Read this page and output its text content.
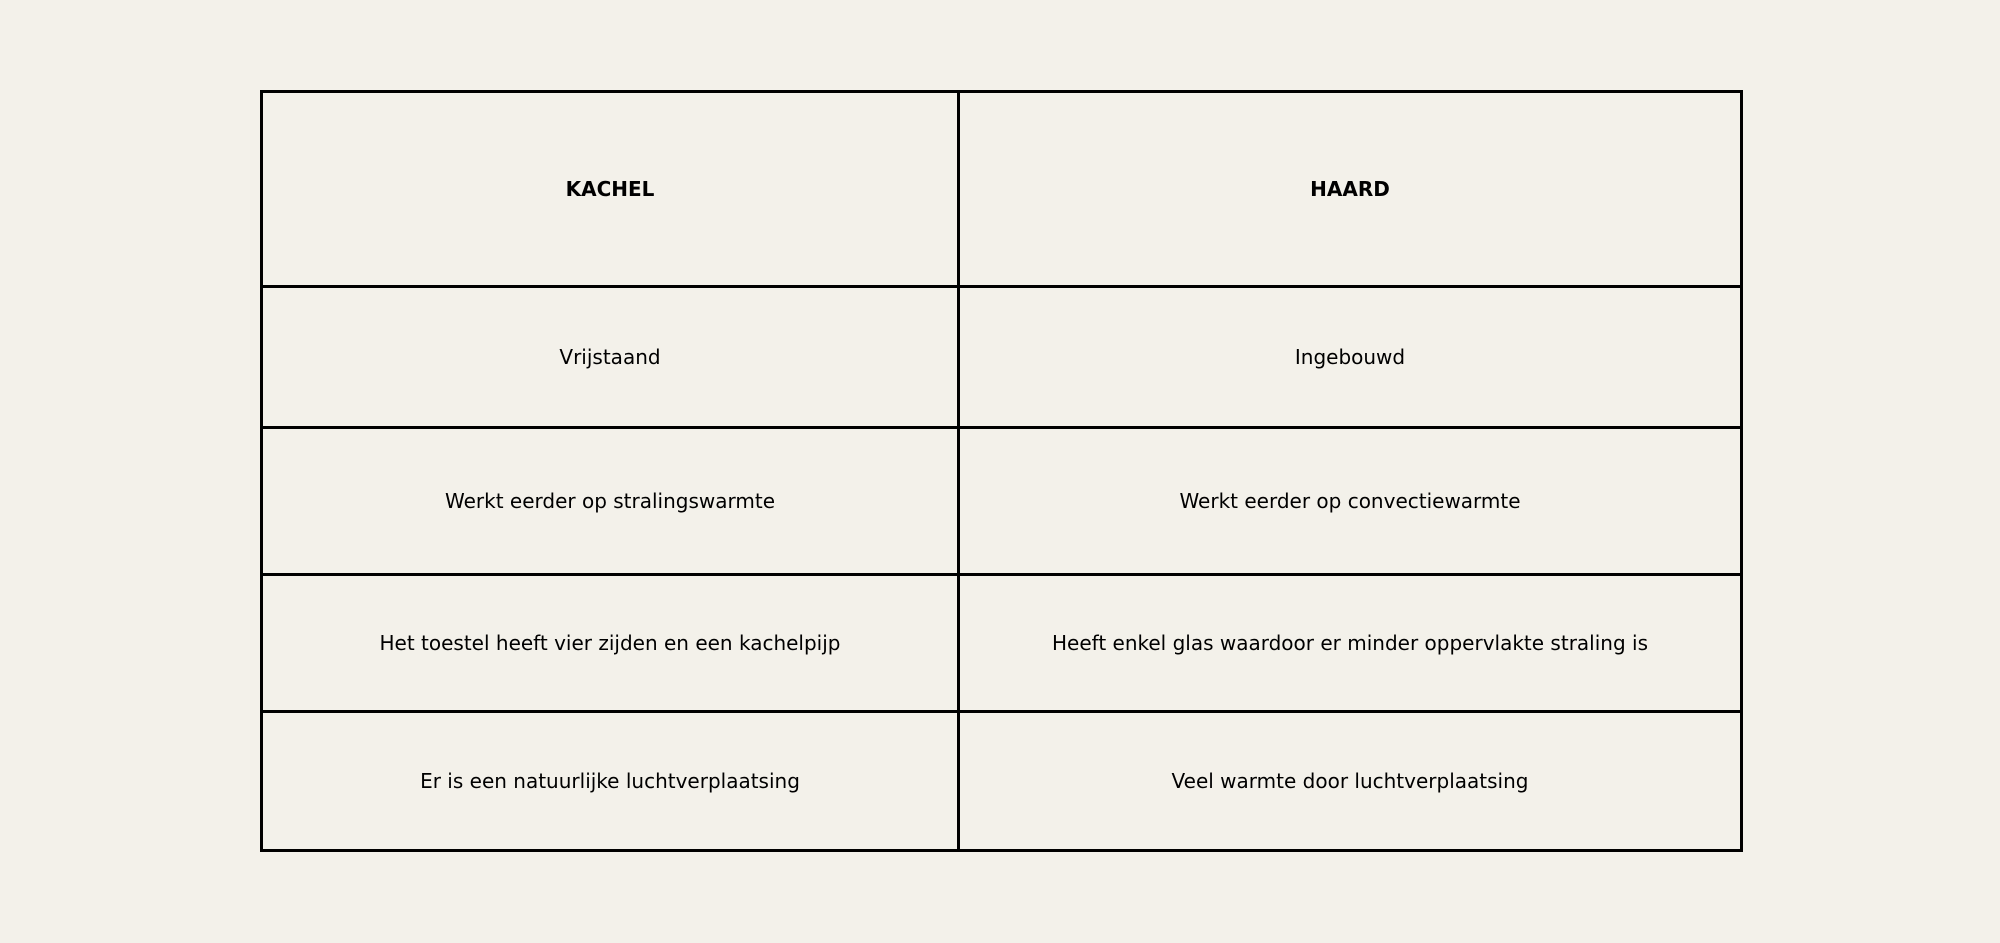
KACHEL	HAARD
Vrijstaand	Ingebouwd
Werkt eerder op stralingswarmte	Werkt eerder op convectiewarmte
Het toestel heeft vier zijden en een kachelpijp	Heeft enkel glas waardoor er minder oppervlakte straling is
Er is een natuurlijke luchtverplaatsing	Veel warmte door luchtverplaatsing
